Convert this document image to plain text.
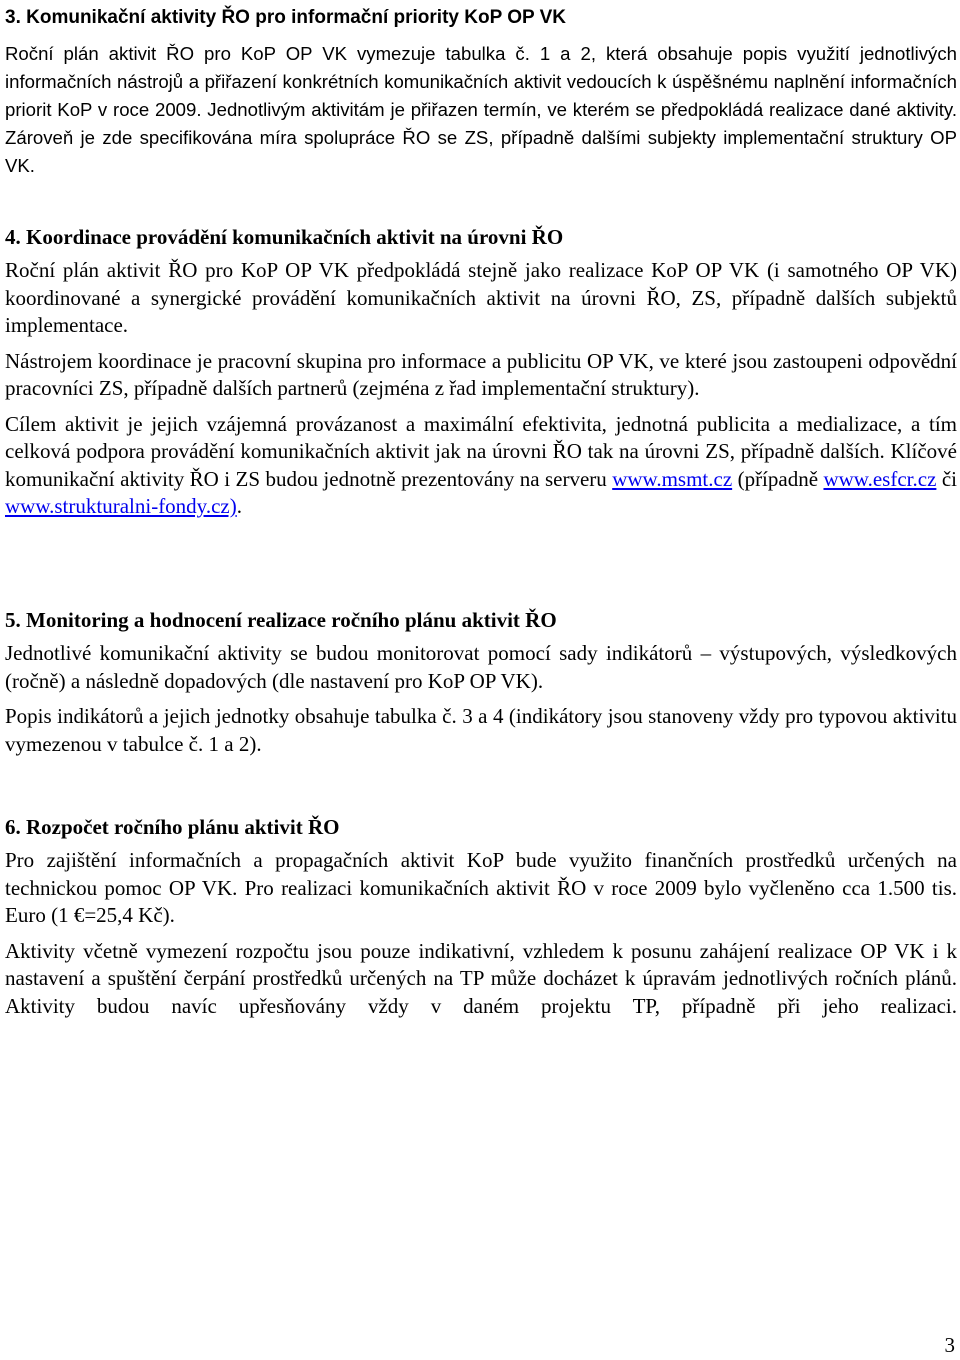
3. Komunikační aktivity ŘO pro informační priority KoP OP VK

Roční plán aktivit ŘO pro KoP OP VK vymezuje tabulka č. 1 a 2, která obsahuje popis využití jednotlivých informačních nástrojů a přiřazení konkrétních komunikačních aktivit vedoucích k úspěšnému naplnění informačních priorit KoP v roce 2009. Jednotlivým aktivitám je přiřazen termín, ve kterém se předpokládá realizace dané aktivity. Zároveň je zde specifikována míra spolupráce ŘO se ZS, případně dalšími subjekty implementační struktury OP VK.

4. Koordinace provádění komunikačních aktivit na úrovni ŘO

Roční plán aktivit ŘO pro KoP OP VK předpokládá stejně jako realizace KoP OP VK (i samotného OP VK) koordinované a synergické provádění komunikačních aktivit na úrovni ŘO, ZS, případně dalších subjektů implementace.

Nástrojem koordinace je pracovní skupina pro informace a publicitu OP VK, ve které jsou zastoupeni odpovědní pracovníci ZS, případně dalších partnerů (zejména z řad implementační struktury).

Cílem aktivit je jejich vzájemná provázanost a maximální efektivita, jednotná publicita a medializace, a tím celková podpora provádění komunikačních aktivit jak na úrovni ŘO tak na úrovni ZS, případně dalších. Klíčové komunikační aktivity ŘO i ZS budou jednotně prezentovány na serveru www.msmt.cz (případně www.esfcr.cz či www.strukturalni-fondy.cz).

5. Monitoring a hodnocení realizace ročního plánu aktivit ŘO

Jednotlivé komunikační aktivity se budou monitorovat pomocí sady indikátorů – výstupových, výsledkových (ročně) a následně dopadových (dle nastavení pro KoP OP VK).

Popis indikátorů a jejich jednotky obsahuje tabulka č. 3 a 4 (indikátory jsou stanoveny vždy pro typovou aktivitu vymezenou v tabulce č. 1 a 2).

6. Rozpočet ročního plánu aktivit ŘO

Pro zajištění informačních a propagačních aktivit KoP bude využito finančních prostředků určených na technickou pomoc OP VK. Pro realizaci komunikačních aktivit ŘO v roce 2009 bylo vyčleněno cca 1.500 tis. Euro (1 €=25,4 Kč).

Aktivity včetně vymezení rozpočtu jsou pouze indikativní, vzhledem k posunu zahájení realizace OP VK i k nastavení a spuštění čerpání prostředků určených na TP může docházet k úpravám jednotlivých ročních plánů. Aktivity budou navíc upřesňovány vždy v daném projektu TP, případně při jeho realizaci.

3
